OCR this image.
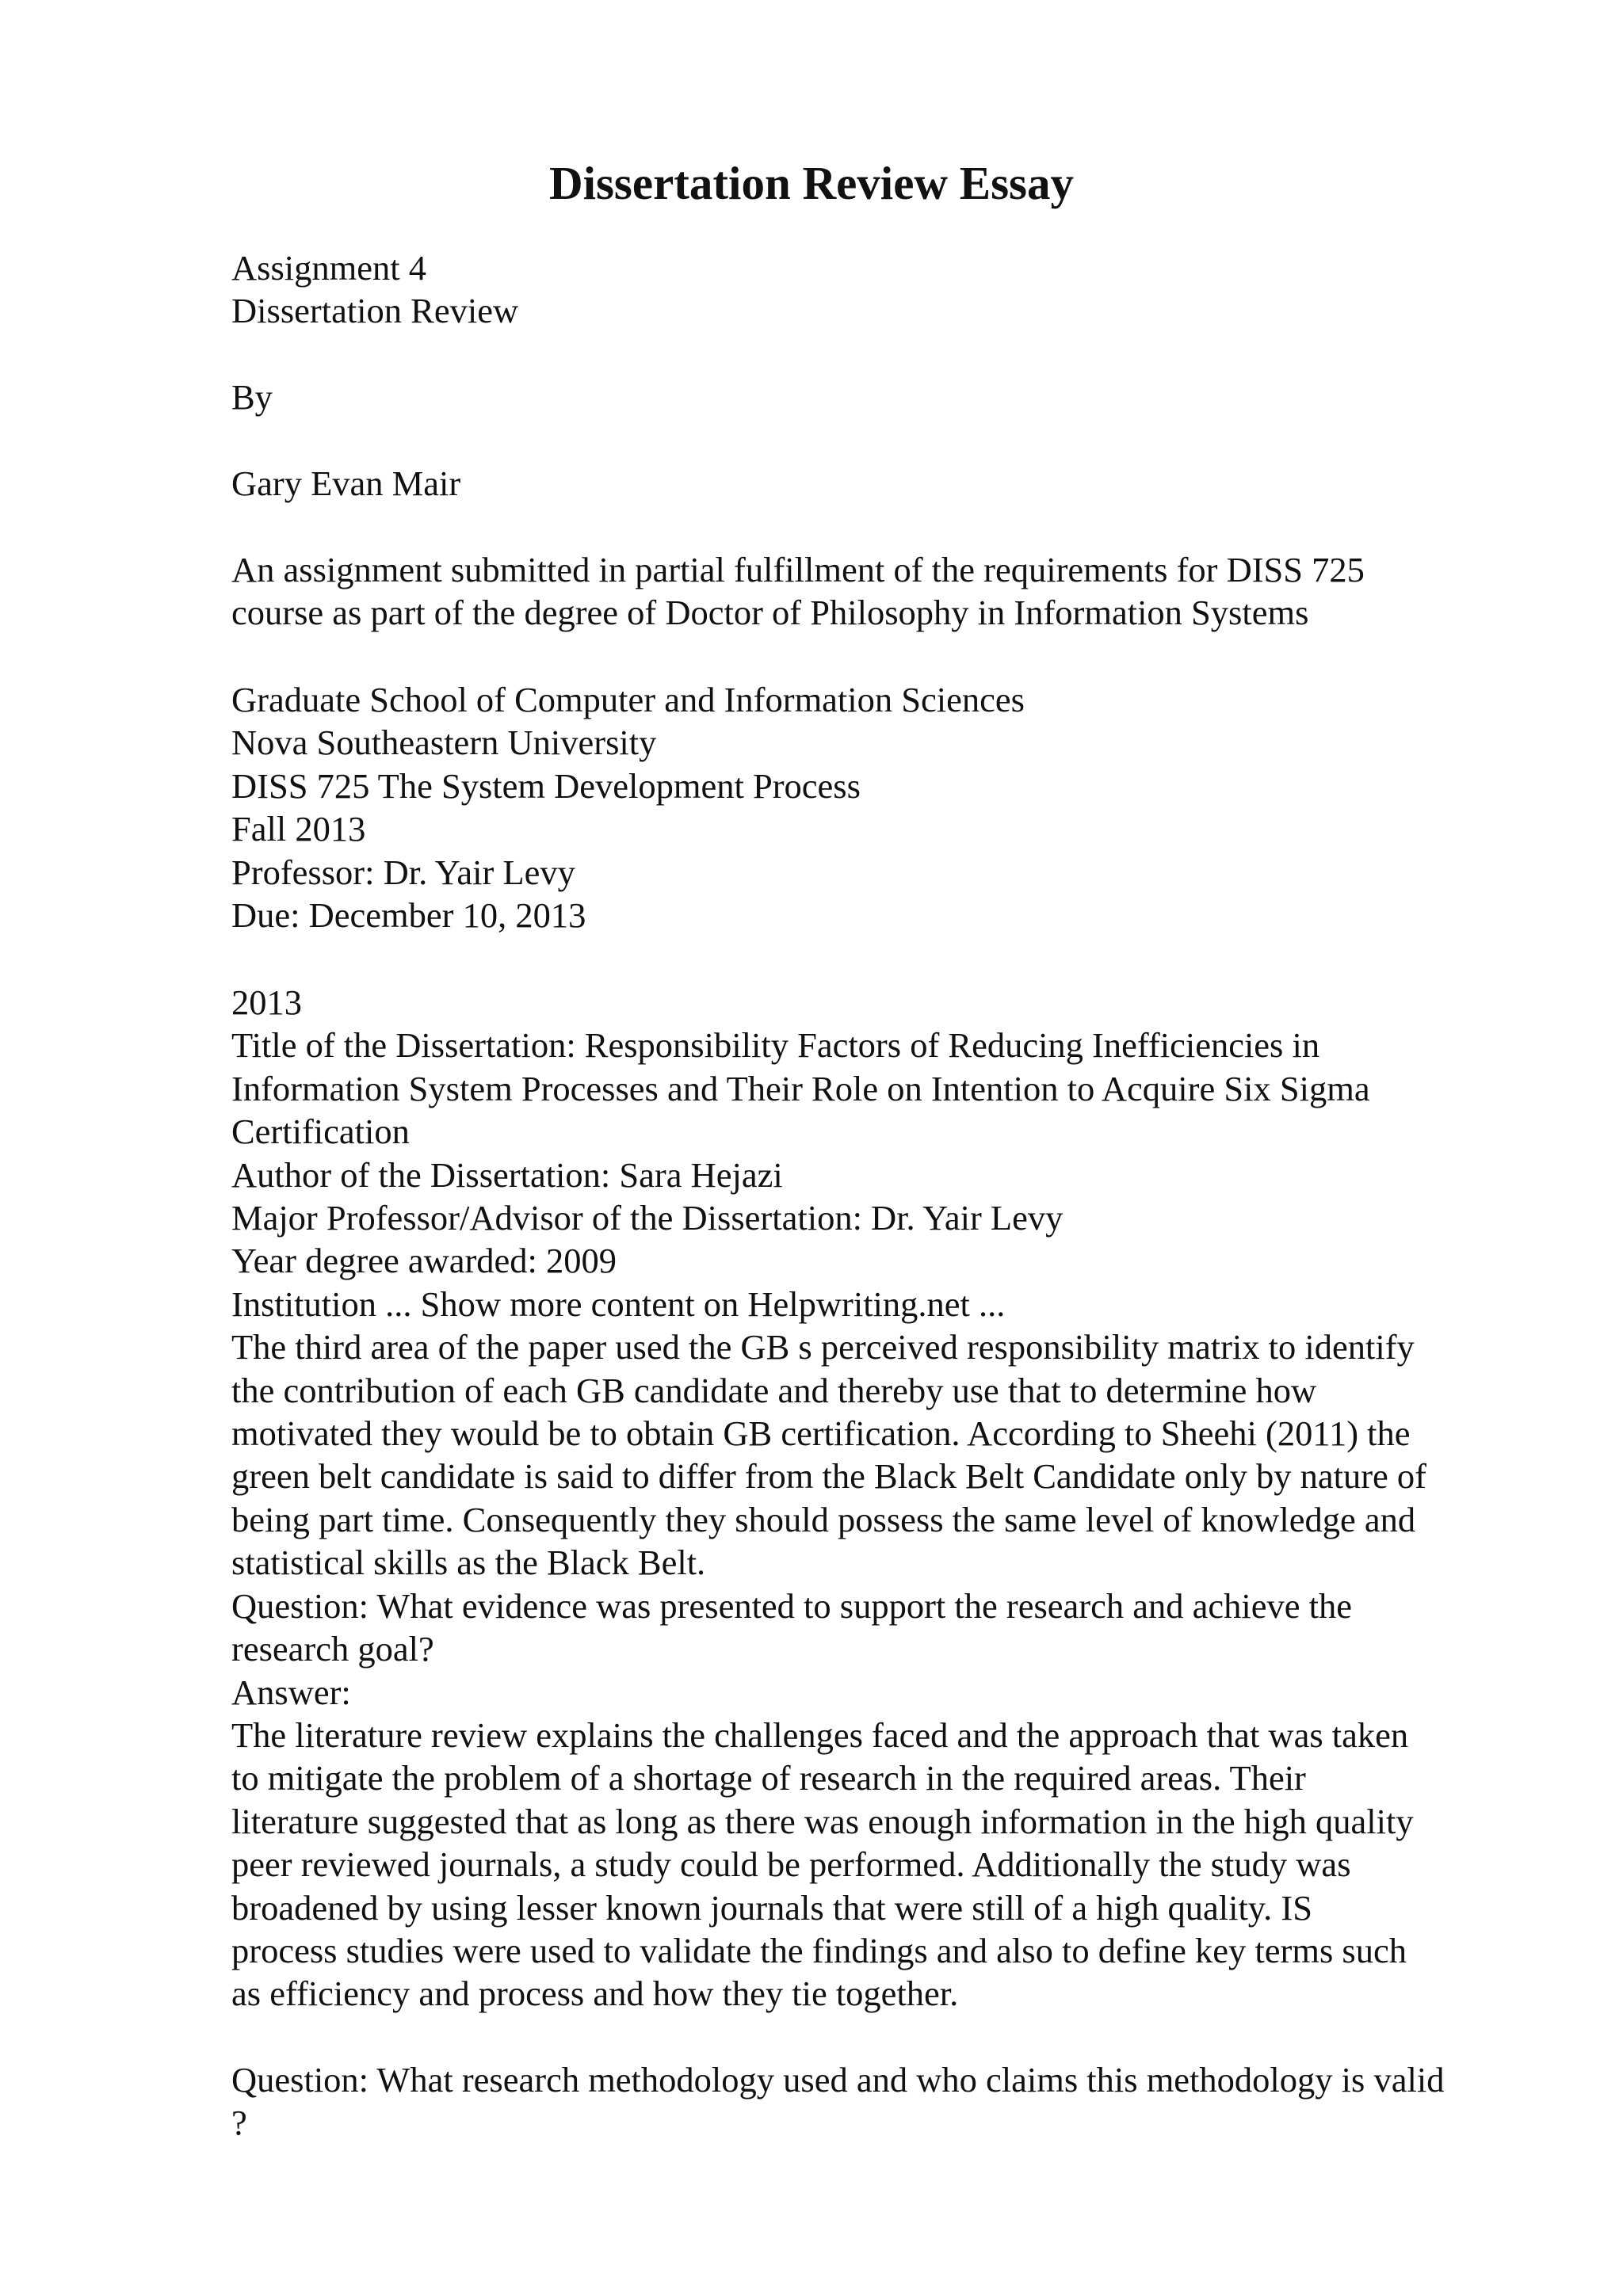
Dissertation Review Essay
Assignment 4
Dissertation Review
By
Gary Evan Mair
An assignment submitted in partial fulfillment of the requirements for DISS 725
course as part of the degree of Doctor of Philosophy in Information Systems
Graduate School of Computer and Information Sciences
Nova Southeastern University
DISS 725 The System Development Process
Fall 2013
Professor: Dr. Yair Levy
Due: December 10, 2013
2013
Title of the Dissertation: Responsibility Factors of Reducing Inefficiencies in
Information System Processes and Their Role on Intention to Acquire Six Sigma
Certification
Author of the Dissertation: Sara Hejazi
Major Professor/Advisor of the Dissertation: Dr. Yair Levy
Year degree awarded: 2009
Institution ... Show more content on Helpwriting.net ...
The third area of the paper used the GB s perceived responsibility matrix to identify
the contribution of each GB candidate and thereby use that to determine how
motivated they would be to obtain GB certification. According to Sheehi (2011) the
green belt candidate is said to differ from the Black Belt Candidate only by nature of
being part time. Consequently they should possess the same level of knowledge and
statistical skills as the Black Belt.
Question: What evidence was presented to support the research and achieve the
research goal?
Answer:
The literature review explains the challenges faced and the approach that was taken
to mitigate the problem of a shortage of research in the required areas. Their
literature suggested that as long as there was enough information in the high quality
peer reviewed journals, a study could be performed. Additionally the study was
broadened by using lesser known journals that were still of a high quality. IS
process studies were used to validate the findings and also to define key terms such
as efficiency and process and how they tie together.
Question: What research methodology used and who claims this methodology is valid
?
